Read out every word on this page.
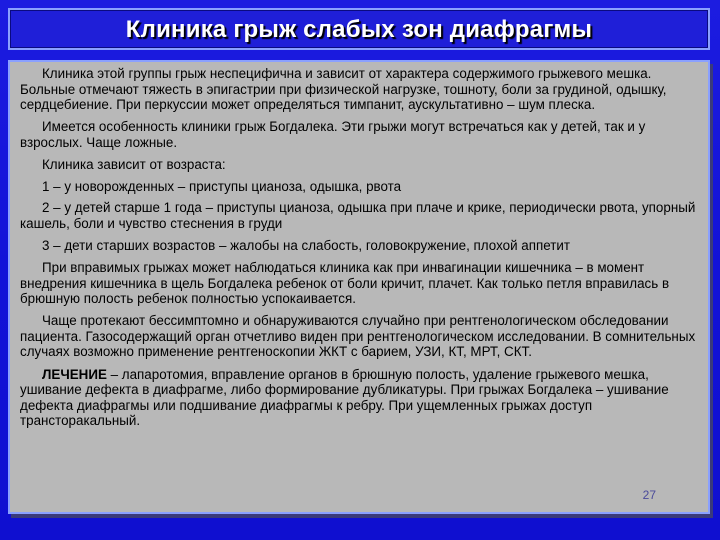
Клиника грыж слабых зон диафрагмы

Клиника этой группы грыж неспецифична и зависит от характера содержимого грыжевого мешка. Больные отмечают тяжесть в эпигастрии при физической нагрузке, тошноту, боли за грудиной, одышку, сердцебиение. При перкуссии может определяться тимпанит, аускультативно – шум плеска.

Имеется особенность клиники грыж Богдалека. Эти грыжи могут встречаться как у детей, так и у взрослых. Чаще ложные.

Клиника зависит от возраста:

1 – у новорожденных – приступы цианоза, одышка, рвота

2 – у детей старше 1 года – приступы цианоза, одышка при плаче и крике, периодически рвота, упорный кашель, боли и чувство стеснения в груди

3 – дети старших возрастов – жалобы на слабость, головокружение, плохой аппетит

При вправимых грыжах может наблюдаться клиника как при инвагинации кишечника – в момент внедрения кишечника в щель Богдалека ребенок от боли кричит, плачет. Как только петля вправилась в брюшную полость ребенок полностью успокаивается.

Чаще протекают бессимптомно и обнаруживаются случайно при рентгенологическом обследовании пациента. Газосодержащий орган отчетливо виден при рентгенологическом исследовании. В сомнительных случаях возможно применение рентгеноскопии ЖКТ с барием, УЗИ, КТ, МРТ, СКТ.

ЛЕЧЕНИЕ – лапаротомия, вправление органов в брюшную полость, удаление грыжевого мешка, ушивание дефекта в диафрагме, либо формирование дубликатуры. При грыжах Богдалека – ушивание дефекта диафрагмы или подшивание диафрагмы к ребру. При ущемленных грыжах доступ трансторакальный.

27
